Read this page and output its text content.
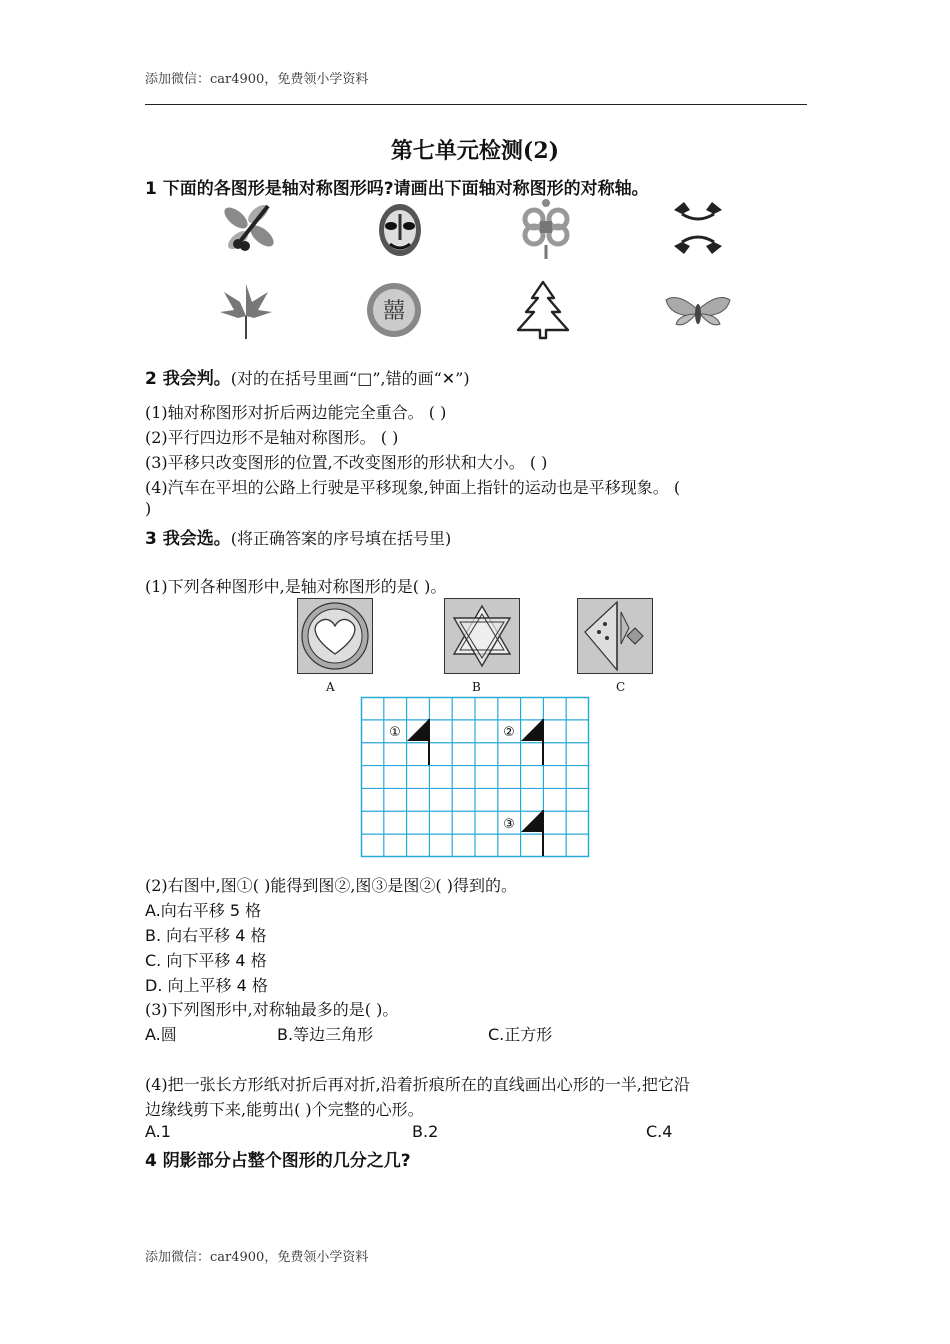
添加微信：car4900，免费领小学资料
第七单元检测(2)
1 下面的各图形是轴对称图形吗?请画出下面轴对称图形的对称轴。
囍
2 我会判。(对的在括号里画“□”,错的画“✕”)
(1)轴对称图形对折后两边能完全重合。 ( )
(2)平行四边形不是轴对称图形。 ( )
(3)平移只改变图形的位置,不改变图形的形状和大小。 ( )
(4)汽车在平坦的公路上行驶是平移现象,钟面上指针的运动也是平移现象。 (
)
3 我会选。(将正确答案的序号填在括号里)
(1)下列各种图形中,是轴对称图形的是( )。
A	B	C
①	②
③
(2)右图中,图①( )能得到图②,图③是图②( )得到的。
A.向右平移 5 格
B. 向右平移 4 格
C. 向下平移 4 格
D. 向上平移 4 格
(3)下列图形中,对称轴最多的是( )。
A.圆	B.等边三角形	C.正方形
(4)把一张长方形纸对折后再对折,沿着折痕所在的直线画出心形的一半,把它沿
边缘线剪下来,能剪出( )个完整的心形。
A.1	B.2	C.4
4 阴影部分占整个图形的几分之几?
添加微信：car4900，免费领小学资料
